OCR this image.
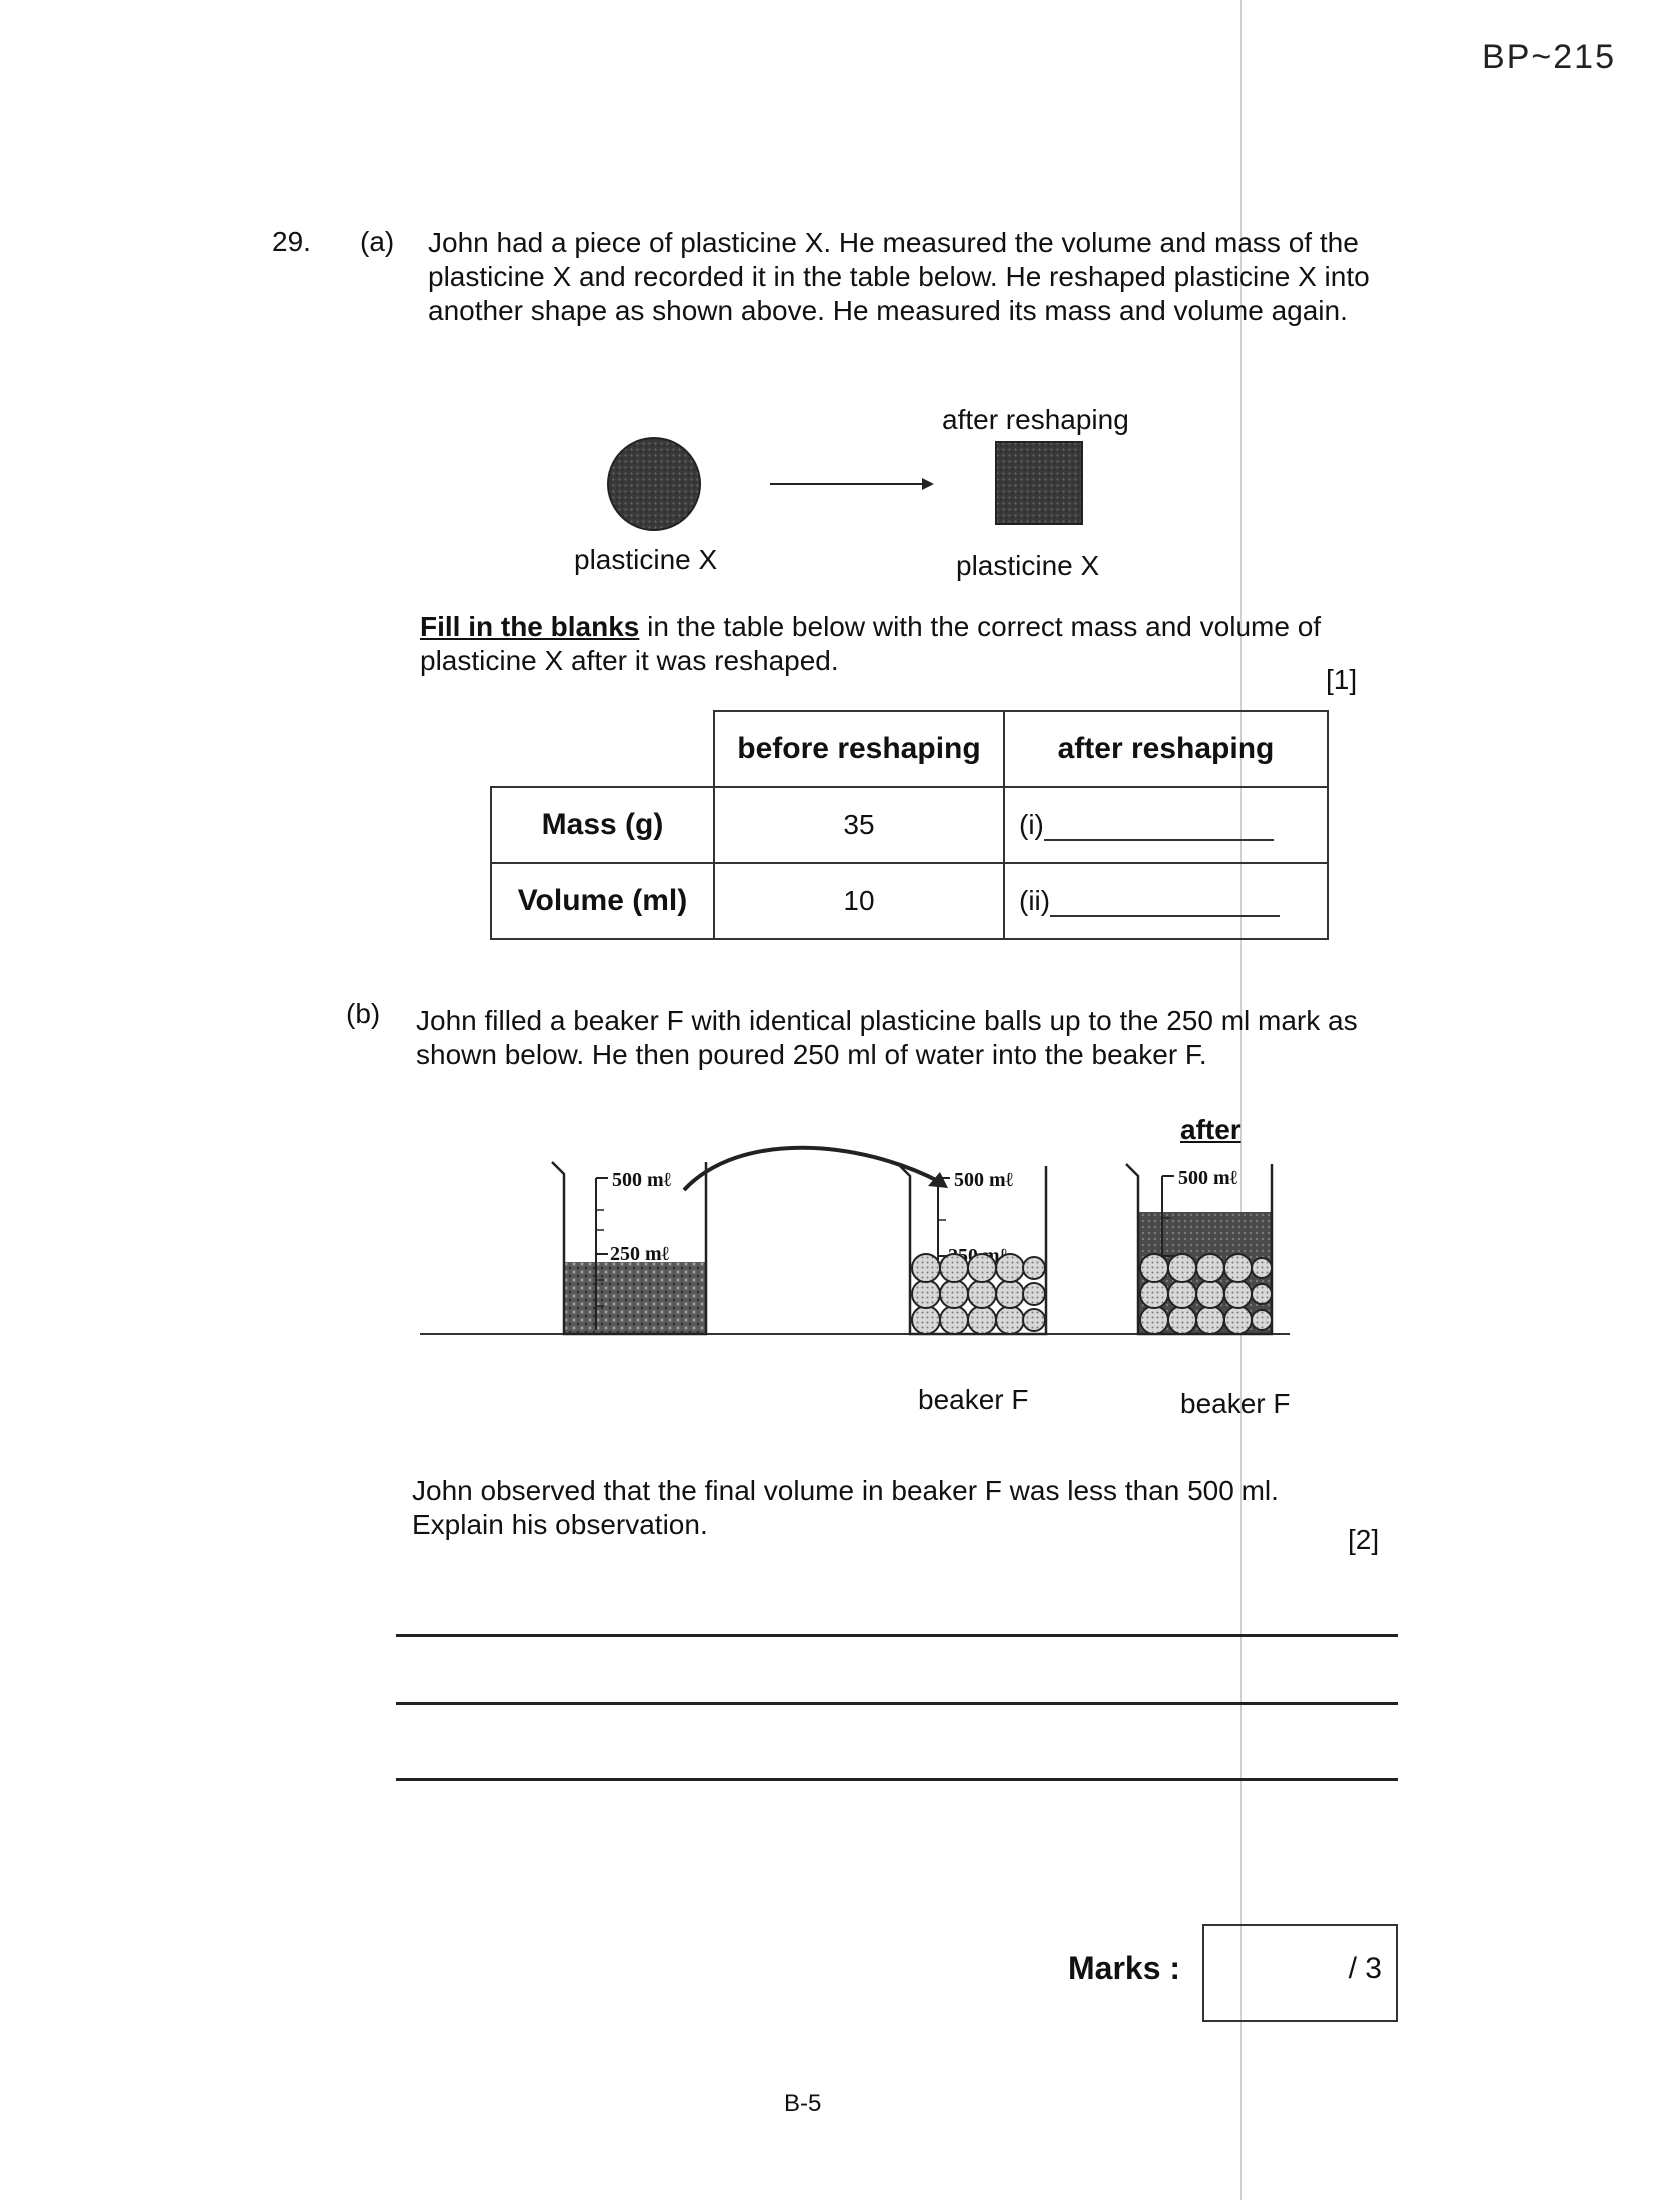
BP~215
29. (a) John had a piece of plasticine X. He measured the volume and mass of the plasticine X and recorded it in the table below. He reshaped plasticine X into another shape as shown above. He measured its mass and volume again.
after reshaping
plasticine X	plasticine X
Fill in the blanks in the table below with the correct mass and volume of plasticine X after it was reshaped.
[1]
	before reshaping	after reshaping
Mass (g)	35	(i)
Volume (ml)	10	(ii)
(b) John filled a beaker F with identical plasticine balls up to the 250 ml mark as shown below. He then poured 250 ml of water into the beaker F.
after
500 mℓ
250 mℓ
500 mℓ
mℓ
500 mℓ
beaker F	beaker F
John observed that the final volume in beaker F was less than 500 ml. Explain his observation.	[2]
Marks :	/ 3
B-5
